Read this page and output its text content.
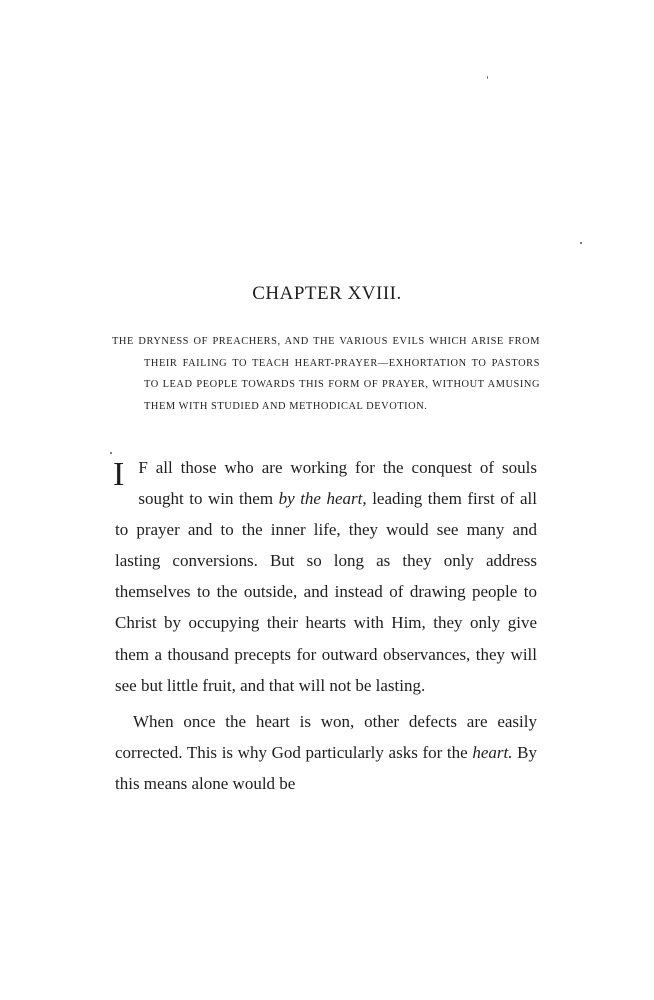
CHAPTER XVIII.

THE DRYNESS OF PREACHERS, AND THE VARIOUS EVILS WHICH ARISE FROM THEIR FAILING TO TEACH HEART-PRAYER—EXHORTATION TO PASTORS TO LEAD PEOPLE TOWARDS THIS FORM OF PRAYER, WITHOUT AMUSING THEM WITH STUDIED AND METHODICAL DEVOTION.

I F all those who are working for the conquest of souls sought to win them by the heart, leading them first of all to prayer and to the inner life, they would see many and lasting conversions. But so long as they only address themselves to the outside, and instead of drawing people to Christ by occupying their hearts with Him, they only give them a thousand precepts for outward observances, they will see but little fruit, and that will not be lasting.

When once the heart is won, other defects are easily corrected. This is why God particularly asks for the heart. By this means alone would be
